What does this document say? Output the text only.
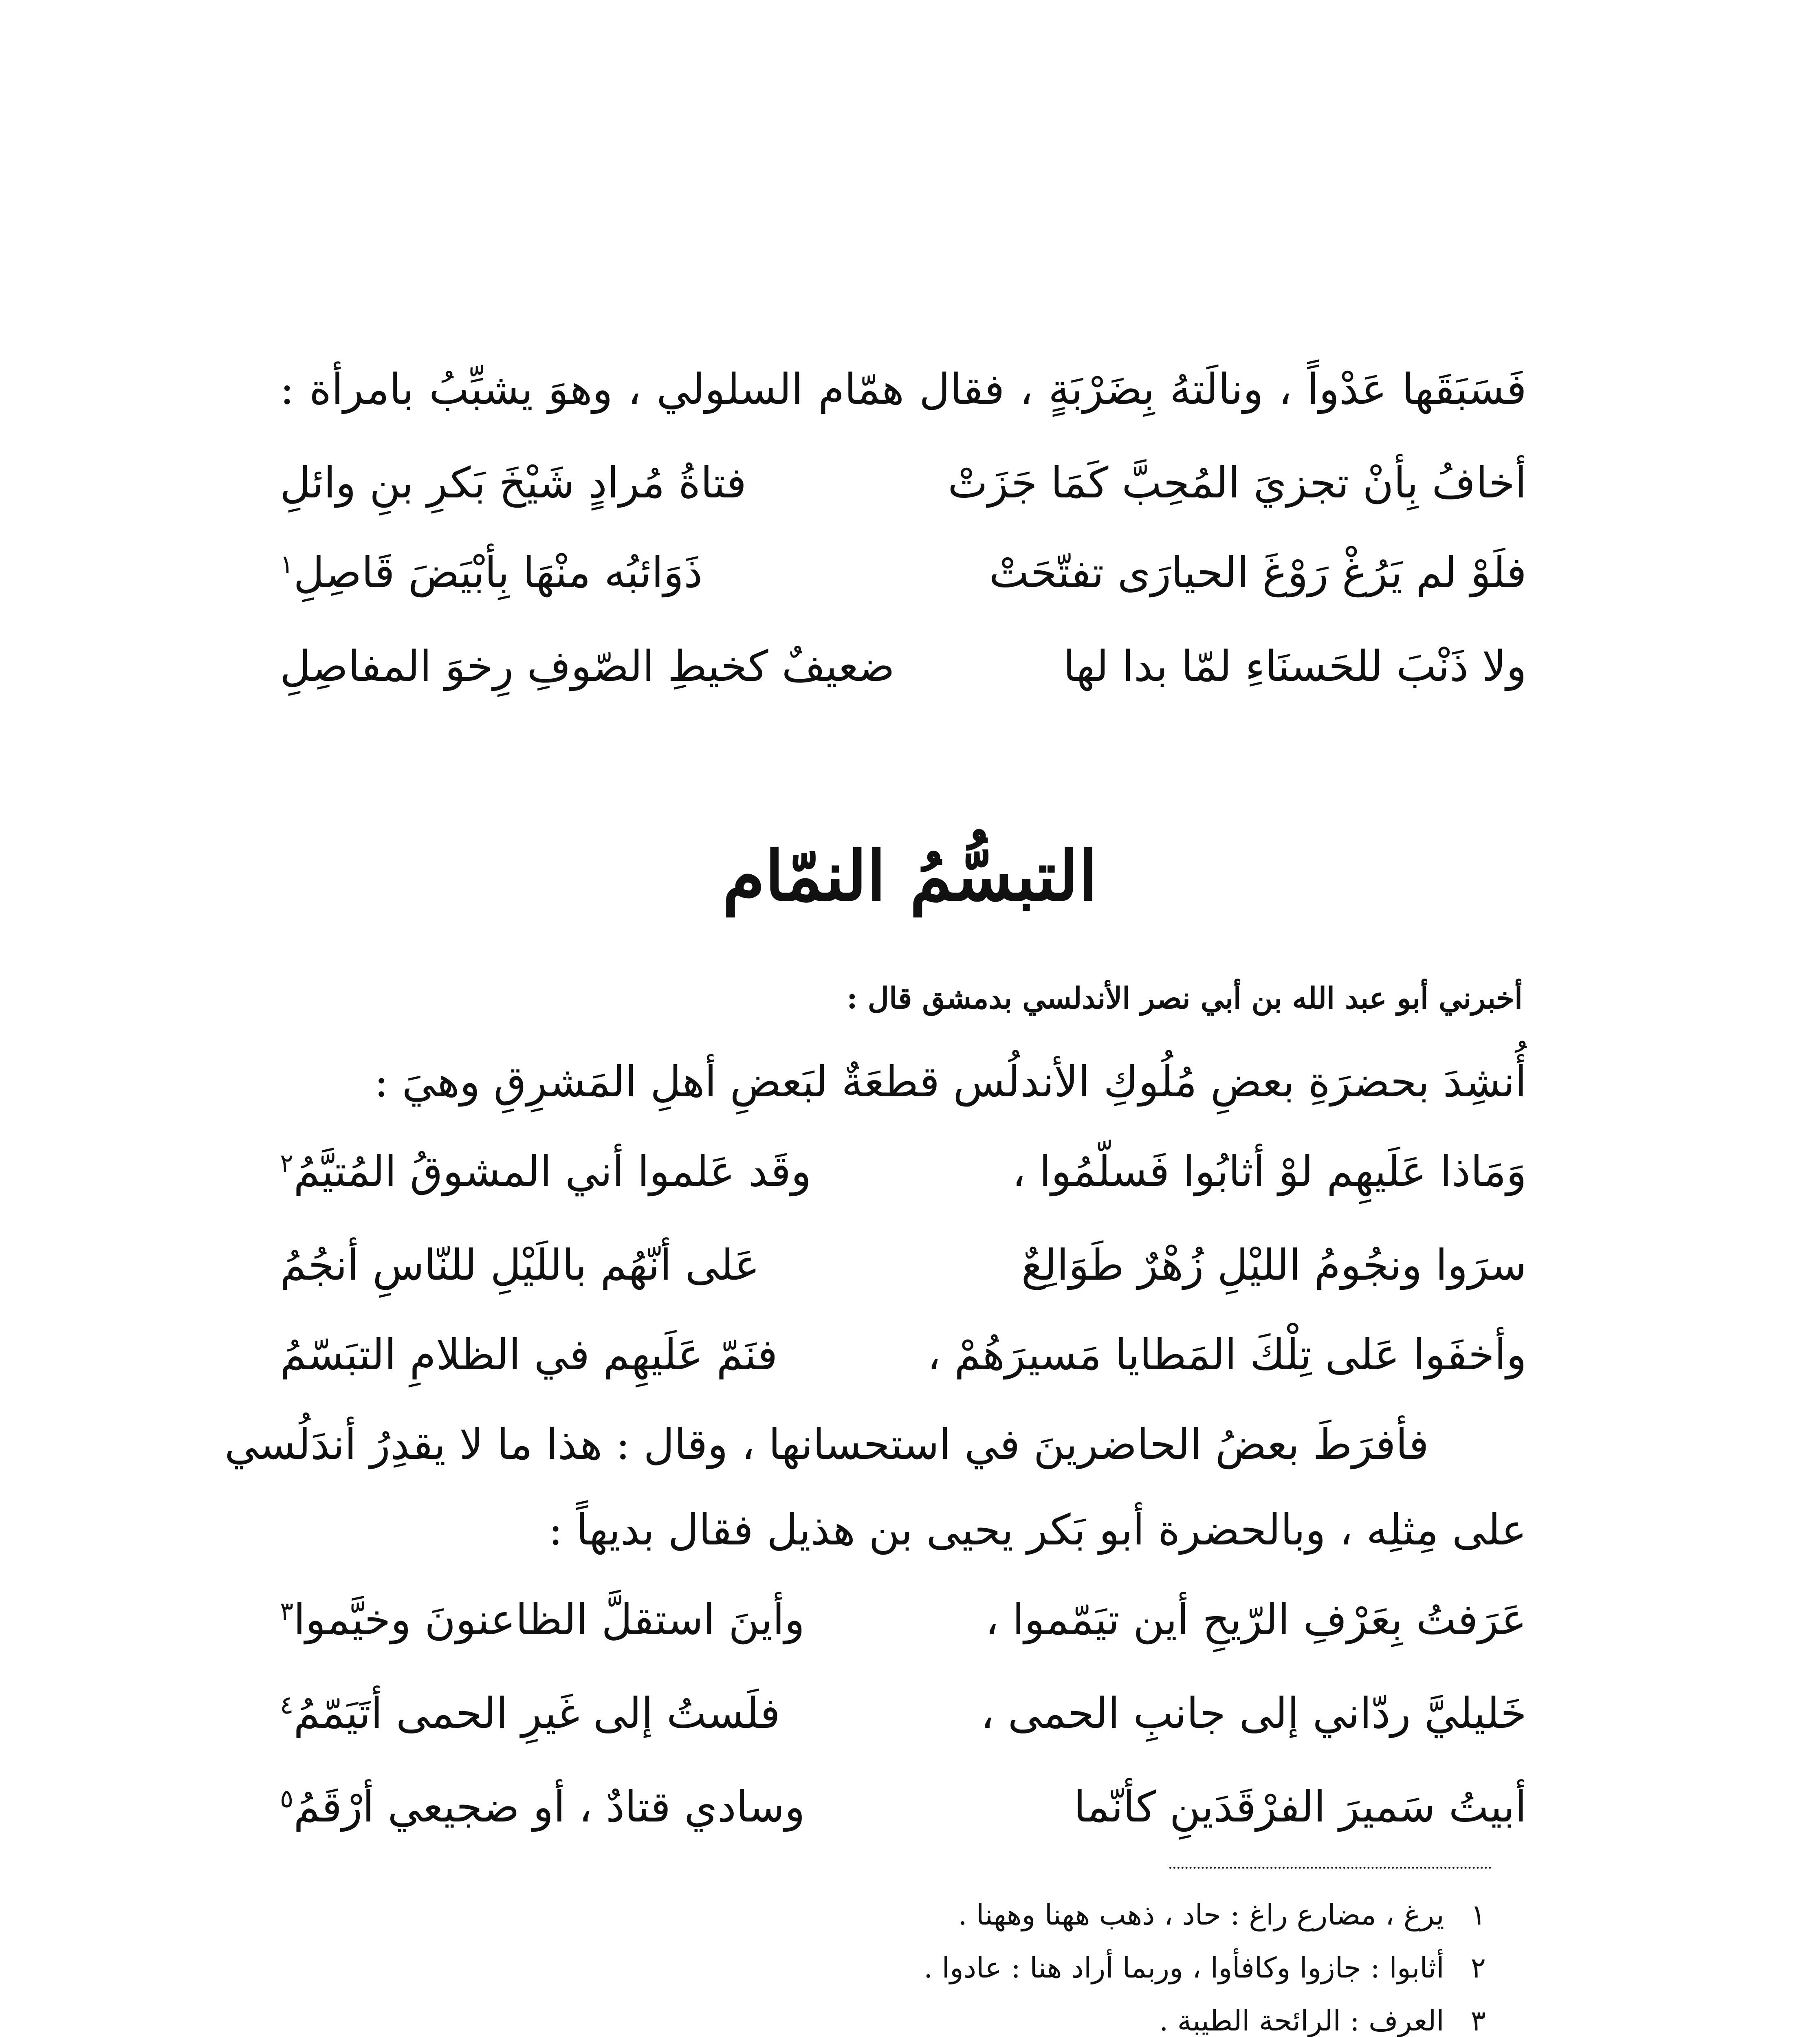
فَسَبَقَها عَدْواً ، ونالَتهُ بِضَرْبَةٍ ، فقال همّام السلولي ، وهوَ يشبِّبُ بامرأة :
أخافُ بِأنْ تجزيَ المُحِبَّ كَمَا جَزَتْ
فتاةُ مُرادٍ شَيْخَ بَكرِ بنِ وائلِ
فلَوْ لم يَرُغْ رَوْغَ الحيارَى تفتّحَتْ
ذَوَائبُه منْهَا بِأبْيَضَ قَاصِلِ$^١$
ولا ذَنْبَ للحَسنَاءِ لمّا بدا لها
ضعيفٌ كخيطِ الصّوفِ رِخوَ المفاصِلِ
التبسُّمُ النمّام
أخبرني أبو عبد الله بن أبي نصر الأندلسي بدمشق قال :
أُنشِدَ بحضرَةِ بعضِ مُلُوكِ الأندلُس قطعَةٌ لبَعضِ أهلِ المَشرِقِ وهيَ :
وَمَاذا عَلَيهِم لوْ أثابُوا فَسلّمُوا ،
وقَد عَلموا أني المشوقُ المُتيَّمُ$^٢$
سرَوا ونجُومُ الليْلِ زُهْرٌ طَوَالِعٌ
عَلى أنّهُم باللَيْلِ للنّاسِ أنجُمُ
وأخفَوا عَلى تِلْكَ المَطايا مَسيرَهُمْ ،
فنَمّ عَلَيهِم في الظلامِ التبَسّمُ
فأفرَطَ بعضُ الحاضرينَ في استحسانها ، وقال : هذا ما لا يقدِرُ أندَلُسي
على مِثلِه ، وبالحضرة أبو بَكر يحيى بن هذيل فقال بديهاً :
عَرَفتُ بِعَرْفِ الرّيحِ أين تيَمّموا ،
وأينَ استقلَّ الظاعنونَ وخيَّموا$^٣$
خَليليَّ ردّاني إلى جانبِ الحمى ،
فلَستُ إلى غَيرِ الحمى أتَيَمّمُ$^٤$
أبيتُ سَميرَ الفرْقَدَينِ كأنّما
وسادي قتادٌ ، أو ضجيعي أرْقَمُ$^٥$
١ يرغ ، مضارع راغ : حاد ، ذهب ههنا وههنا .
٢ أثابوا : جازوا وكافأوا ، وربما أراد هنا : عادوا .
٣ العرف : الرائحة الطيبة .
